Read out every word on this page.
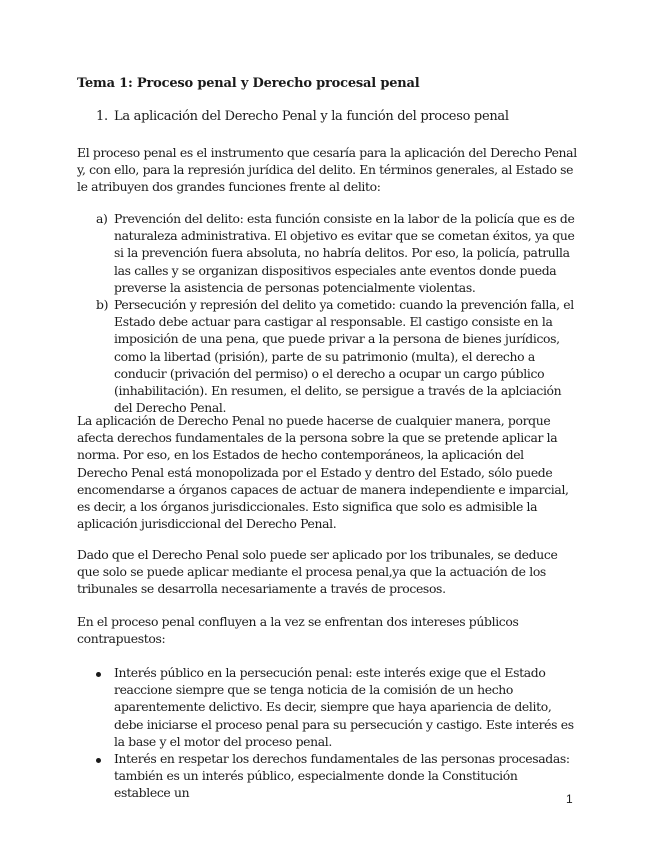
Tema 1: Proceso penal y Derecho procesal penal
1. La aplicación del Derecho Penal y la función del proceso penal

El proceso penal es el instrumento que cesaría para la aplicación del Derecho Penal y, con ello, para la represión jurídica del delito. En términos generales, al Estado se le atribuyen dos grandes funciones frente al delito:

a) Prevención del delito: esta función consiste en la labor de la policía que es de naturaleza administrativa. El objetivo es evitar que se cometan éxitos, ya que si la prevención fuera absoluta, no habría delitos. Por eso, la policía, patrulla las calles y se organizan dispositivos especiales ante eventos donde pueda preverse la asistencia de personas potencialmente violentas.
b) Persecución y represión del delito ya cometido: cuando la prevención falla, el Estado debe actuar para castigar al responsable. El castigo consiste en la imposición de una pena, que puede privar a la persona de bienes jurídicos, como la libertad (prisión), parte de su patrimonio (multa), el derecho a conducir (privación del permiso) o el derecho a ocupar un cargo público (inhabilitación). En resumen, el delito, se persigue a través de la aplciación del Derecho Penal.

La aplicación de Derecho Penal no puede hacerse de cualquier manera, porque afecta derechos fundamentales de la persona sobre la que se pretende aplicar la norma. Por eso, en los Estados de hecho contemporáneos, la aplicación del Derecho Penal está monopolizada por el Estado y dentro del Estado, sólo puede encomendarse a órganos capaces de actuar de manera independiente e imparcial, es decir, a los órganos jurisdiccionales. Esto significa que solo es admisible la aplicación jurisdiccional del Derecho Penal.

Dado que el Derecho Penal solo puede ser aplicado por los tribunales, se deduce que solo se puede aplicar mediante el procesa penal,ya que la actuación de los tribunales se desarrolla necesariamente a través de procesos.

En el proceso penal confluyen a la vez se enfrentan dos intereses públicos contrapuestos:

Interés público en la persecución penal: este interés exige que el Estado reaccione siempre que se tenga noticia de la comisión de un hecho aparentemente delictivo. Es decir, siempre que haya apariencia de delito, debe iniciarse el proceso penal para su persecución y castigo. Este interés es la base y el motor del proceso penal.
Interés en respetar los derechos fundamentales de las personas procesadas: también es un interés público, especialmente donde la Constitución establece un	1
